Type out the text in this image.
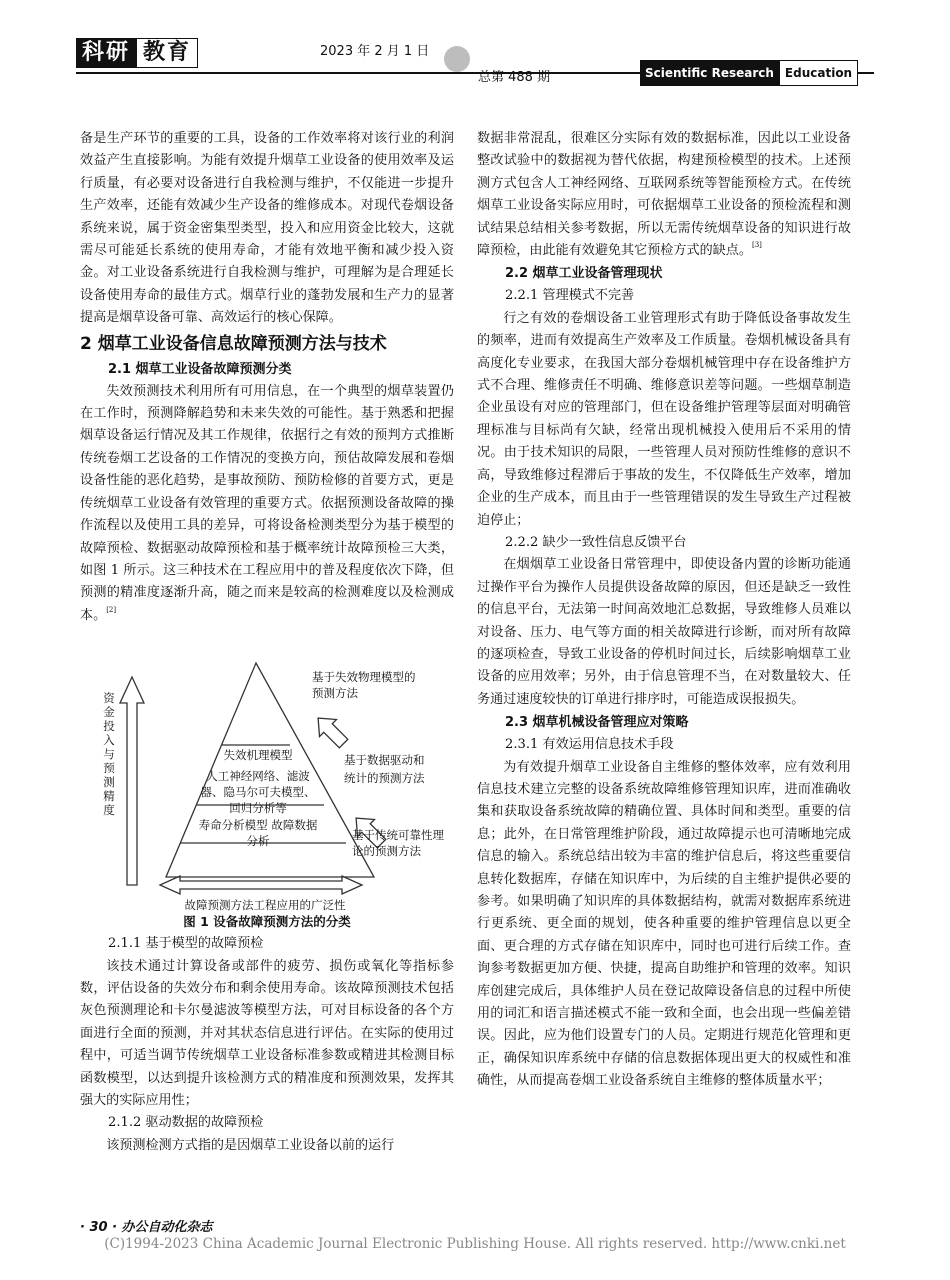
科研 教育	2023 年 2 月 1 日
总第 488 期	Scientific Research Education

备是生产环节的重要的工具，设备的工作效率将对该行业的利润效益产生直接影响。为能有效提升烟草工业设备的使用效率及运行质量，有必要对设备进行自我检测与维护，不仅能进一步提升生产效率，还能有效减少生产设备的维修成本。对现代卷烟设备系统来说，属于资金密集型类型，投入和应用资金比较大，这就需尽可能延长系统的使用寿命，才能有效地平衡和减少投入资金。对工业设备系统进行自我检测与维护，可理解为是合理延长设备使用寿命的最佳方式。烟草行业的蓬勃发展和生产力的显著提高是烟草设备可靠、高效运行的核心保障。

2 烟草工业设备信息故障预测方法与技术
2.1 烟草工业设备故障预测分类

失效预测技术利用所有可用信息，在一个典型的烟草装置仍在工作时，预测降解趋势和未来失效的可能性。基于熟悉和把握烟草设备运行情况及其工作规律，依据行之有效的预判方式推断传统卷烟工艺设备的工作情况的变换方向，预估故障发展和卷烟设备性能的恶化趋势，是事故预防、预防检修的首要方式，更是传统烟草工业设备有效管理的重要方式。依据预测设备故障的操作流程以及使用工具的差异，可将设备检测类型分为基于模型的故障预检、数据驱动故障预检和基于概率统计故障预检三大类，如图 1 所示。这三种技术在工程应用中的普及程度依次下降，但预测的精准度逐渐升高，随之而来是较高的检测难度以及检测成本。[2]

资金投入与预测精度
失效机理模型
人工神经网络、滤波器、隐马尔可夫模型、回归分析等
寿命分析模型 故障数据分析
基于失效物理模型的预测方法
基于数据驱动和统计的预测方法
基于传统可靠性理论的预测方法
故障预测方法工程应用的广泛性
图 1 设备故障预测方法的分类
2.1.1 基于模型的故障预检

该技术通过计算设备或部件的疲劳、损伤或氧化等指标参数，评估设备的失效分布和剩余使用寿命。该故障预测技术包括灰色预测理论和卡尔曼滤波等模型方法，可对目标设备的各个方面进行全面的预测，并对其状态信息进行评估。在实际的使用过程中，可适当调节传统烟草工业设备标准参数或精进其检测目标函数模型，以达到提升该检测方式的精准度和预测效果，发挥其强大的实际应用性；

2.1.2 驱动数据的故障预检

该预测检测方式指的是因烟草工业设备以前的运行

数据非常混乱，很难区分实际有效的数据标准，因此以工业设备整改试验中的数据视为替代依据，构建预检模型的技术。上述预测方式包含人工神经网络、互联网系统等智能预检方式。在传统烟草工业设备实际应用时，可依据烟草工业设备的预检流程和测试结果总结相关参考数据，所以无需传统烟草设备的知识进行故障预检，由此能有效避免其它预检方式的缺点。[3]

2.2 烟草工业设备管理现状
2.2.1 管理模式不完善

行之有效的卷烟设备工业管理形式有助于降低设备事故发生的频率，进而有效提高生产效率及工作质量。卷烟机械设备具有高度化专业要求，在我国大部分卷烟机械管理中存在设备维护方式不合理、维修责任不明确、维修意识差等问题。一些烟草制造企业虽设有对应的管理部门，但在设备维护管理等层面对明确管理标准与目标尚有欠缺，经常出现机械投入使用后不采用的情况。由于技术知识的局限，一些管理人员对预防性维修的意识不高，导致维修过程滞后于事故的发生，不仅降低生产效率，增加企业的生产成本，而且由于一些管理错误的发生导致生产过程被迫停止；

2.2.2 缺少一致性信息反馈平台

在烟烟草工业设备日常管理中，即使设备内置的诊断功能通过操作平台为操作人员提供设备故障的原因，但还是缺乏一致性的信息平台，无法第一时间高效地汇总数据，导致维修人员难以对设备、压力、电气等方面的相关故障进行诊断，而对所有故障的逐项检查，导致工业设备的停机时间过长，后续影响烟草工业设备的应用效率；另外，由于信息管理不当，在对数量较大、任务通过速度较快的订单进行排序时，可能造成误报损失。

2.3 烟草机械设备管理应对策略
2.3.1 有效运用信息技术手段

为有效提升烟草工业设备自主维修的整体效率，应有效利用信息技术建立完整的设备系统故障维修管理知识库，进而准确收集和获取设备系统故障的精确位置、具体时间和类型。重要的信息；此外，在日常管理维护阶段，通过故障提示也可清晰地完成信息的输入。系统总结出较为丰富的维护信息后，将这些重要信息转化数据库，存储在知识库中，为后续的自主维护提供必要的参考。如果明确了知识库的具体数据结构，就需对数据库系统进行更系统、更全面的规划，使各种重要的维护管理信息以更全面、更合理的方式存储在知识库中，同时也可进行后续工作。查询参考数据更加方便、快捷，提高自助维护和管理的效率。知识库创建完成后，具体维护人员在登记故障设备信息的过程中所使用的词汇和语言描述模式不能一致和全面，也会出现一些偏差错误。因此，应为他们设置专门的人员。定期进行规范化管理和更正，确保知识库系统中存储的信息数据体现出更大的权威性和准确性，从而提高卷烟工业设备系统自主维修的整体质量水平；

· 30 · 办公自动化杂志
(C)1994-2023 China Academic Journal Electronic Publishing House. All rights reserved. http://www.cnki.net
